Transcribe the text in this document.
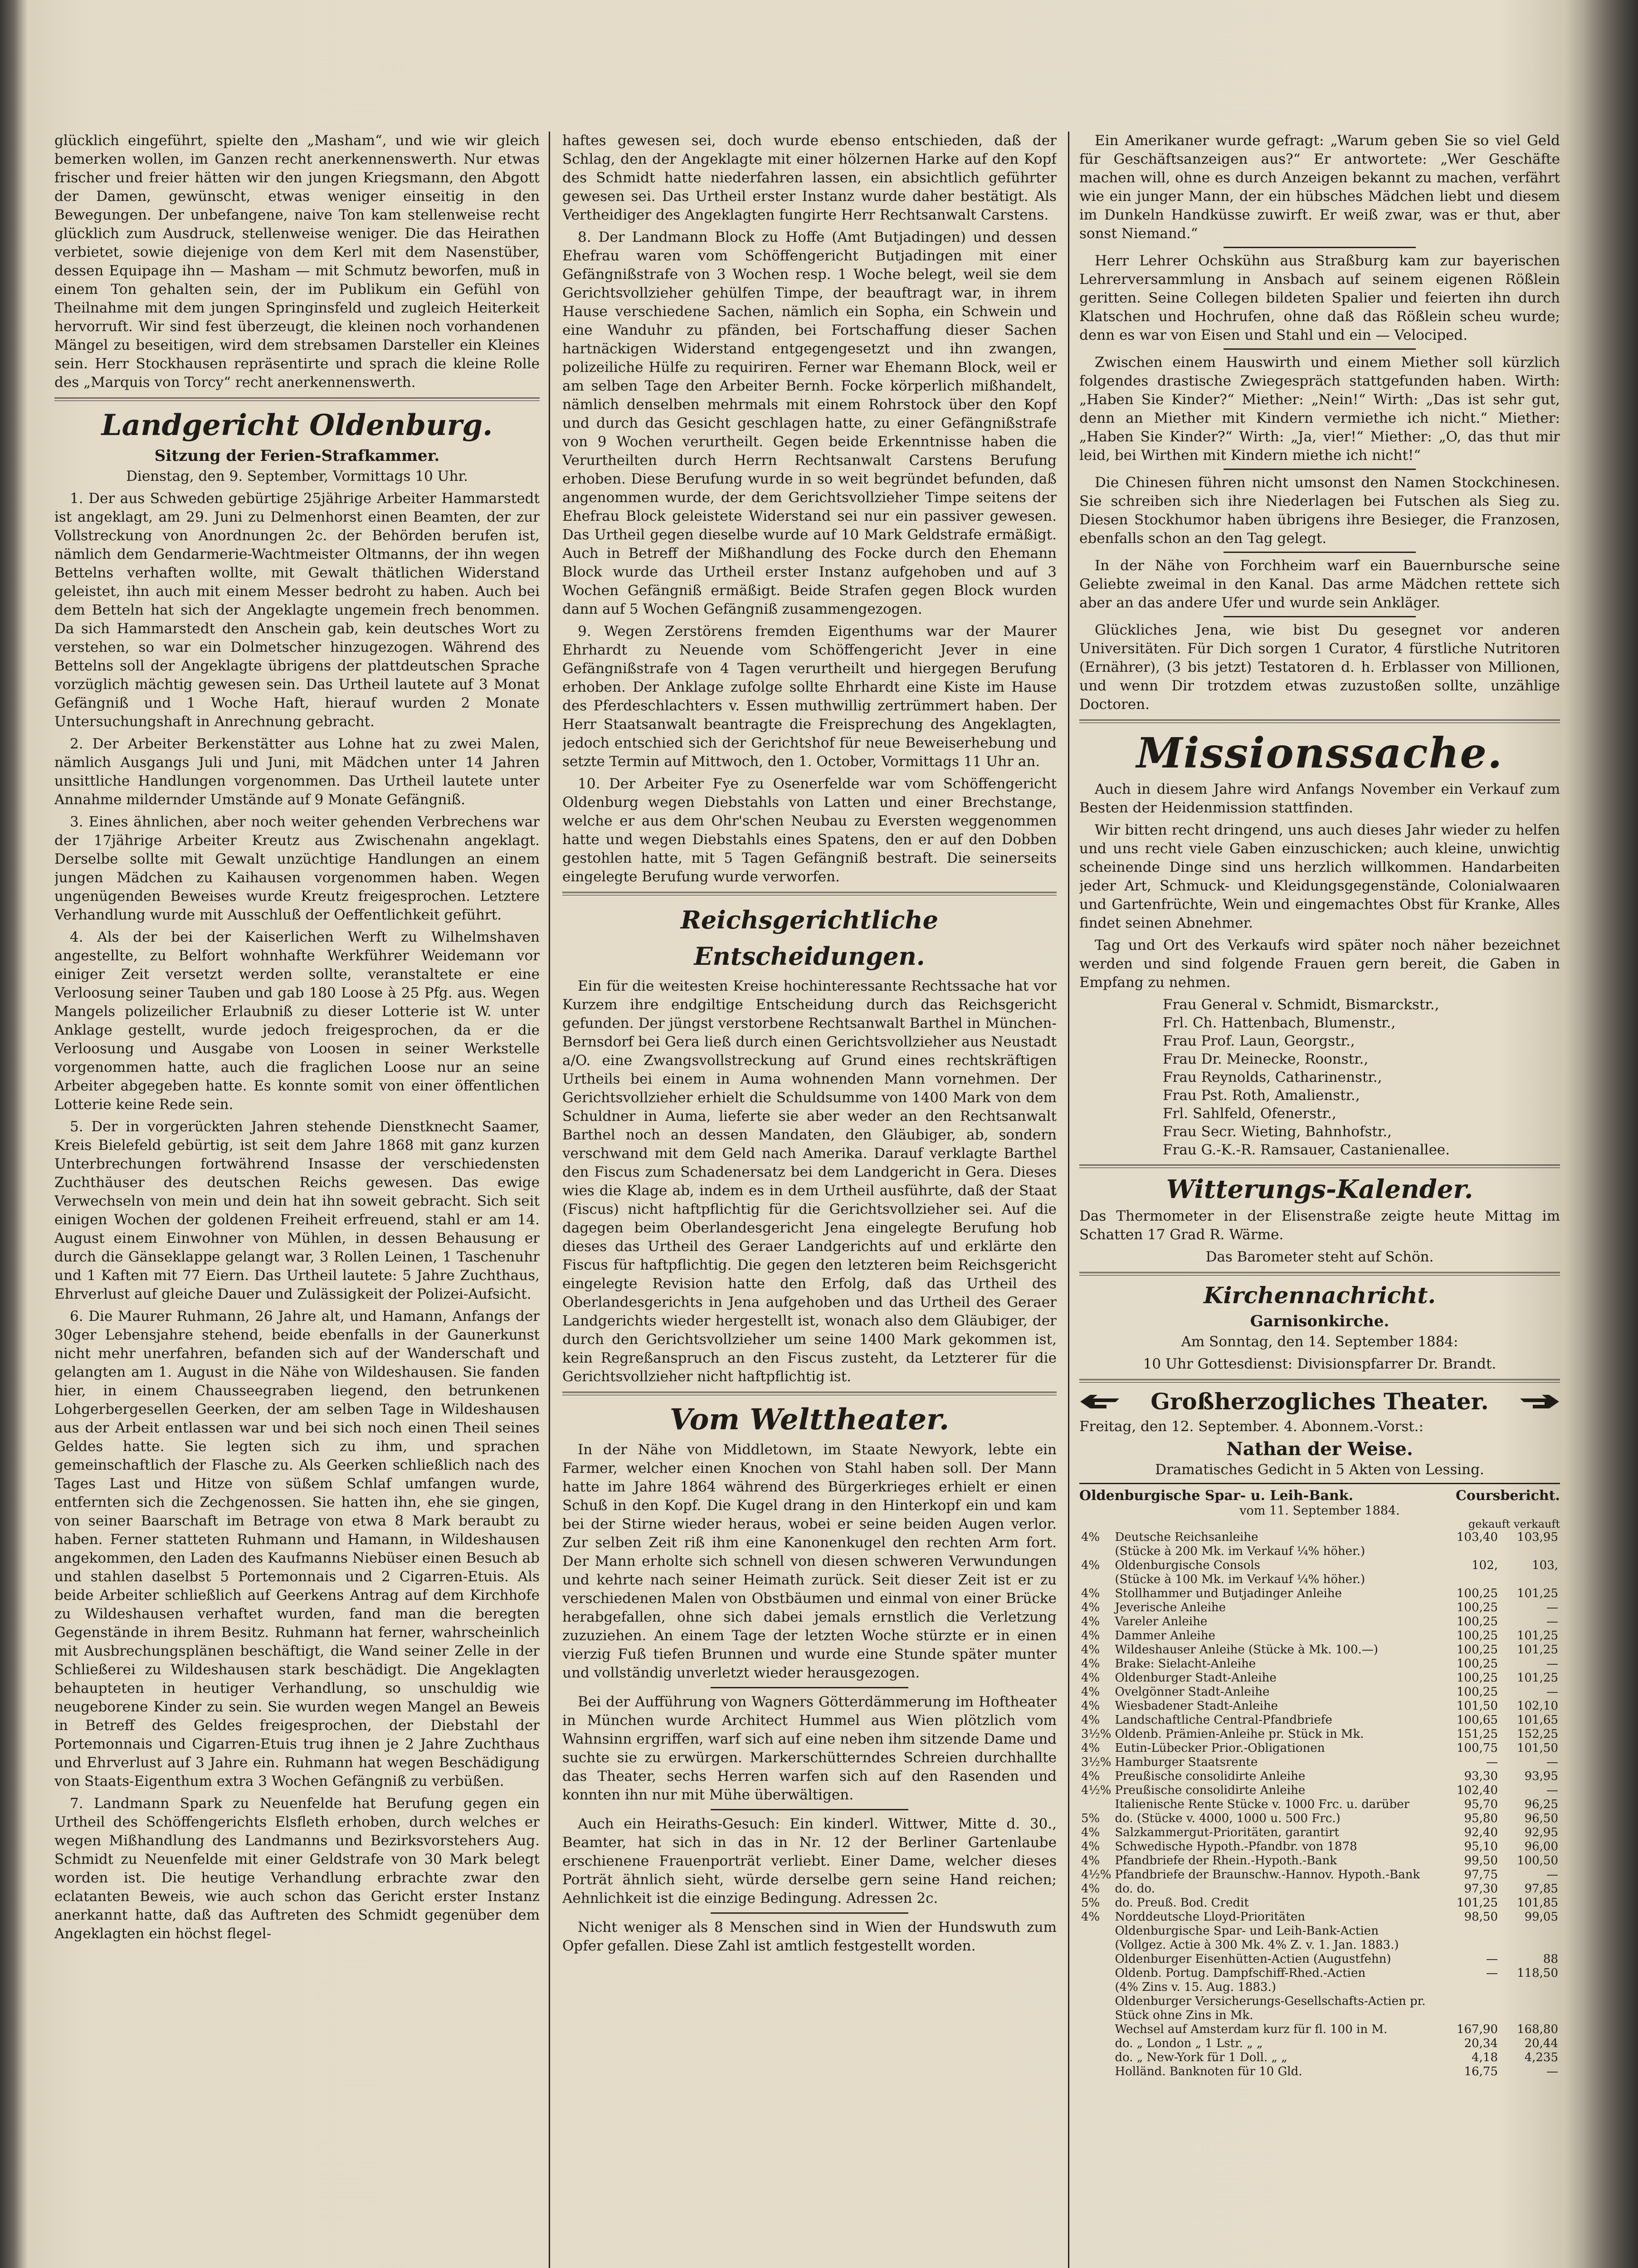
glücklich eingeführt, spielte den „Masham“, und wie wir gleich bemerken wollen, im Ganzen recht anerkennenswerth. Nur etwas frischer und freier hätten wir den jungen Kriegsmann, den Abgott der Damen, gewünscht, etwas weniger einseitig in den Bewegungen. Der unbefangene, naive Ton kam stellenweise recht glücklich zum Ausdruck, stellenweise weniger. Die das Heirathen verbietet, sowie diejenige von dem Kerl mit dem Nasenstüber, dessen Equipage ihn — Masham — mit Schmutz beworfen, muß in einem Ton gehalten sein, der im Publikum ein Gefühl von Theilnahme mit dem jungen Springinsfeld und zugleich Heiterkeit hervorruft. Wir sind fest überzeugt, die kleinen noch vorhandenen Mängel zu beseitigen, wird dem strebsamen Darsteller ein Kleines sein. Herr Stockhausen repräsentirte und sprach die kleine Rolle des „Marquis von Torcy“ recht anerkennenswerth.

Landgericht Oldenburg.
Sitzung der Ferien-Strafkammer.

Dienstag, den 9. September, Vormittags 10 Uhr.

1. Der aus Schweden gebürtige 25jährige Arbeiter Hammarstedt ist angeklagt, am 29. Juni zu Delmenhorst einen Beamten, der zur Vollstreckung von Anordnungen 2c. der Behörden berufen ist, nämlich dem Gendarmerie-Wachtmeister Oltmanns, der ihn wegen Bettelns verhaften wollte, mit Gewalt thätlichen Widerstand geleistet, ihn auch mit einem Messer bedroht zu haben. Auch bei dem Betteln hat sich der Angeklagte ungemein frech benommen. Da sich Hammarstedt den Anschein gab, kein deutsches Wort zu verstehen, so war ein Dolmetscher hinzugezogen. Während des Bettelns soll der Angeklagte übrigens der plattdeutschen Sprache vorzüglich mächtig gewesen sein. Das Urtheil lautete auf 3 Monat Gefängniß und 1 Woche Haft, hierauf wurden 2 Monate Untersuchungshaft in Anrechnung gebracht.

2. Der Arbeiter Berkenstätter aus Lohne hat zu zwei Malen, nämlich Ausgangs Juli und Juni, mit Mädchen unter 14 Jahren unsittliche Handlungen vorgenommen. Das Urtheil lautete unter Annahme mildernder Umstände auf 9 Monate Gefängniß.

3. Eines ähnlichen, aber noch weiter gehenden Verbrechens war der 17jährige Arbeiter Kreutz aus Zwischenahn angeklagt. Derselbe sollte mit Gewalt unzüchtige Handlungen an einem jungen Mädchen zu Kaihausen vorgenommen haben. Wegen ungenügenden Beweises wurde Kreutz freigesprochen. Letztere Verhandlung wurde mit Ausschluß der Oeffentlichkeit geführt.

4. Als der bei der Kaiserlichen Werft zu Wilhelmshaven angestellte, zu Belfort wohnhafte Werkführer Weidemann vor einiger Zeit versetzt werden sollte, veranstaltete er eine Verloosung seiner Tauben und gab 180 Loose à 25 Pfg. aus. Wegen Mangels polizeilicher Erlaubniß zu dieser Lotterie ist W. unter Anklage gestellt, wurde jedoch freigesprochen, da er die Verloosung und Ausgabe von Loosen in seiner Werkstelle vorgenommen hatte, auch die fraglichen Loose nur an seine Arbeiter abgegeben hatte. Es konnte somit von einer öffentlichen Lotterie keine Rede sein.

5. Der in vorgerückten Jahren stehende Dienstknecht Saamer, Kreis Bielefeld gebürtig, ist seit dem Jahre 1868 mit ganz kurzen Unterbrechungen fortwährend Insasse der verschiedensten Zuchthäuser des deutschen Reichs gewesen. Das ewige Verwechseln von mein und dein hat ihn soweit gebracht. Sich seit einigen Wochen der goldenen Freiheit erfreuend, stahl er am 14. August einem Einwohner von Mühlen, in dessen Behausung er durch die Gänseklappe gelangt war, 3 Rollen Leinen, 1 Taschenuhr und 1 Kaften mit 77 Eiern. Das Urtheil lautete: 5 Jahre Zuchthaus, Ehrverlust auf gleiche Dauer und Zulässigkeit der Polizei-Aufsicht.

6. Die Maurer Ruhmann, 26 Jahre alt, und Hamann, Anfangs der 30ger Lebensjahre stehend, beide ebenfalls in der Gaunerkunst nicht mehr unerfahren, befanden sich auf der Wanderschaft und gelangten am 1. August in die Nähe von Wildeshausen. Sie fanden hier, in einem Chausseegraben liegend, den betrunkenen Lohgerbergesellen Geerken, der am selben Tage in Wildeshausen aus der Arbeit entlassen war und bei sich noch einen Theil seines Geldes hatte. Sie legten sich zu ihm, und sprachen gemeinschaftlich der Flasche zu. Als Geerken schließlich nach des Tages Last und Hitze von süßem Schlaf umfangen wurde, entfernten sich die Zechgenossen. Sie hatten ihn, ehe sie gingen, von seiner Baarschaft im Betrage von etwa 8 Mark beraubt zu haben. Ferner statteten Ruhmann und Hamann, in Wildeshausen angekommen, den Laden des Kaufmanns Niebüser einen Besuch ab und stahlen daselbst 5 Portemonnais und 2 Cigarren-Etuis. Als beide Arbeiter schließlich auf Geerkens Antrag auf dem Kirchhofe zu Wildeshausen verhaftet wurden, fand man die beregten Gegenstände in ihrem Besitz. Ruhmann hat ferner, wahrscheinlich mit Ausbrechungsplänen beschäftigt, die Wand seiner Zelle in der Schließerei zu Wildeshausen stark beschädigt. Die Angeklagten behaupteten in heutiger Verhandlung, so unschuldig wie neugeborene Kinder zu sein. Sie wurden wegen Mangel an Beweis in Betreff des Geldes freigesprochen, der Diebstahl der Portemonnais und Cigarren-Etuis trug ihnen je 2 Jahre Zuchthaus und Ehrverlust auf 3 Jahre ein. Ruhmann hat wegen Beschädigung von Staats-Eigenthum extra 3 Wochen Gefängniß zu verbüßen.

7. Landmann Spark zu Neuenfelde hat Berufung gegen ein Urtheil des Schöffengerichts Elsfleth erhoben, durch welches er wegen Mißhandlung des Landmanns und Bezirksvorstehers Aug. Schmidt zu Neuenfelde mit einer Geldstrafe von 30 Mark belegt worden ist. Die heutige Verhandlung erbrachte zwar den eclatanten Beweis, wie auch schon das Gericht erster Instanz anerkannt hatte, daß das Auftreten des Schmidt gegenüber dem Angeklagten ein höchst flegel-

haftes gewesen sei, doch wurde ebenso entschieden, daß der Schlag, den der Angeklagte mit einer hölzernen Harke auf den Kopf des Schmidt hatte niederfahren lassen, ein absichtlich geführter gewesen sei. Das Urtheil erster Instanz wurde daher bestätigt. Als Vertheidiger des Angeklagten fungirte Herr Rechtsanwalt Carstens.

8. Der Landmann Block zu Hoffe (Amt Butjadingen) und dessen Ehefrau waren vom Schöffengericht Butjadingen mit einer Gefängnißstrafe von 3 Wochen resp. 1 Woche belegt, weil sie dem Gerichtsvollzieher gehülfen Timpe, der beauftragt war, in ihrem Hause verschiedene Sachen, nämlich ein Sopha, ein Schwein und eine Wanduhr zu pfänden, bei Fortschaffung dieser Sachen hartnäckigen Widerstand entgegengesetzt und ihn zwangen, polizeiliche Hülfe zu requiriren. Ferner war Ehemann Block, weil er am selben Tage den Arbeiter Bernh. Focke körperlich mißhandelt, nämlich denselben mehrmals mit einem Rohrstock über den Kopf und durch das Gesicht geschlagen hatte, zu einer Gefängnißstrafe von 9 Wochen verurtheilt. Gegen beide Erkenntnisse haben die Verurtheilten durch Herrn Rechtsanwalt Carstens Berufung erhoben. Diese Berufung wurde in so weit begründet befunden, daß angenommen wurde, der dem Gerichtsvollzieher Timpe seitens der Ehefrau Block geleistete Widerstand sei nur ein passiver gewesen. Das Urtheil gegen dieselbe wurde auf 10 Mark Geldstrafe ermäßigt. Auch in Betreff der Mißhandlung des Focke durch den Ehemann Block wurde das Urtheil erster Instanz aufgehoben und auf 3 Wochen Gefängniß ermäßigt. Beide Strafen gegen Block wurden dann auf 5 Wochen Gefängniß zusammengezogen.

9. Wegen Zerstörens fremden Eigenthums war der Maurer Ehrhardt zu Neuende vom Schöffengericht Jever in eine Gefängnißstrafe von 4 Tagen verurtheilt und hiergegen Berufung erhoben. Der Anklage zufolge sollte Ehrhardt eine Kiste im Hause des Pferdeschlachters v. Essen muthwillig zertrümmert haben. Der Herr Staatsanwalt beantragte die Freisprechung des Angeklagten, jedoch entschied sich der Gerichtshof für neue Beweiserhebung und setzte Termin auf Mittwoch, den 1. October, Vormittags 11 Uhr an.

10. Der Arbeiter Fye zu Osenerfelde war vom Schöffengericht Oldenburg wegen Diebstahls von Latten und einer Brechstange, welche er aus dem Ohr'schen Neubau zu Eversten weggenommen hatte und wegen Diebstahls eines Spatens, den er auf den Dobben gestohlen hatte, mit 5 Tagen Gefängniß bestraft. Die seinerseits eingelegte Berufung wurde verworfen.

Reichsgerichtliche Entscheidungen.

Ein für die weitesten Kreise hochinteressante Rechtssache hat vor Kurzem ihre endgiltige Entscheidung durch das Reichsgericht gefunden. Der jüngst verstorbene Rechtsanwalt Barthel in München-Bernsdorf bei Gera ließ durch einen Gerichtsvollzieher aus Neustadt a/O. eine Zwangsvollstreckung auf Grund eines rechtskräftigen Urtheils bei einem in Auma wohnenden Mann vornehmen. Der Gerichtsvollzieher erhielt die Schuldsumme von 1400 Mark von dem Schuldner in Auma, lieferte sie aber weder an den Rechtsanwalt Barthel noch an dessen Mandaten, den Gläubiger, ab, sondern verschwand mit dem Geld nach Amerika. Darauf verklagte Barthel den Fiscus zum Schadenersatz bei dem Landgericht in Gera. Dieses wies die Klage ab, indem es in dem Urtheil ausführte, daß der Staat (Fiscus) nicht haftpflichtig für die Gerichtsvollzieher sei. Auf die dagegen beim Oberlandesgericht Jena eingelegte Berufung hob dieses das Urtheil des Geraer Landgerichts auf und erklärte den Fiscus für haftpflichtig. Die gegen den letzteren beim Reichsgericht eingelegte Revision hatte den Erfolg, daß das Urtheil des Oberlandesgerichts in Jena aufgehoben und das Urtheil des Geraer Landgerichts wieder hergestellt ist, wonach also dem Gläubiger, der durch den Gerichtsvollzieher um seine 1400 Mark gekommen ist, kein Regreßanspruch an den Fiscus zusteht, da Letzterer für die Gerichtsvollzieher nicht haftpflichtig ist.

Vom Welttheater.

In der Nähe von Middletown, im Staate Newyork, lebte ein Farmer, welcher einen Knochen von Stahl haben soll. Der Mann hatte im Jahre 1864 während des Bürgerkrieges erhielt er einen Schuß in den Kopf. Die Kugel drang in den Hinterkopf ein und kam bei der Stirne wieder heraus, wobei er seine beiden Augen verlor. Zur selben Zeit riß ihm eine Kanonenkugel den rechten Arm fort. Der Mann erholte sich schnell von diesen schweren Verwundungen und kehrte nach seiner Heimath zurück. Seit dieser Zeit ist er zu verschiedenen Malen von Obstbäumen und einmal von einer Brücke herabgefallen, ohne sich dabei jemals ernstlich die Verletzung zuzuziehen. An einem Tage der letzten Woche stürzte er in einen vierzig Fuß tiefen Brunnen und wurde eine Stunde später munter und vollständig unverletzt wieder herausgezogen.

Bei der Aufführung von Wagners Götterdämmerung im Hoftheater in München wurde Architect Hummel aus Wien plötzlich vom Wahnsinn ergriffen, warf sich auf eine neben ihm sitzende Dame und suchte sie zu erwürgen. Markerschütterndes Schreien durchhallte das Theater, sechs Herren warfen sich auf den Rasenden und konnten ihn nur mit Mühe überwältigen.

Auch ein Heiraths-Gesuch: Ein kinderl. Wittwer, Mitte d. 30., Beamter, hat sich in das in Nr. 12 der Berliner Gartenlaube erschienene Frauenporträt verliebt. Einer Dame, welcher dieses Porträt ähnlich sieht, würde derselbe gern seine Hand reichen; Aehnlichkeit ist die einzige Bedingung. Adressen 2c.

Nicht weniger als 8 Menschen sind in Wien der Hundswuth zum Opfer gefallen. Diese Zahl ist amtlich festgestellt worden.

Ein Amerikaner wurde gefragt: „Warum geben Sie so viel Geld für Geschäftsanzeigen aus?“ Er antwortete: „Wer Geschäfte machen will, ohne es durch Anzeigen bekannt zu machen, verfährt wie ein junger Mann, der ein hübsches Mädchen liebt und diesem im Dunkeln Handküsse zuwirft. Er weiß zwar, was er thut, aber sonst Niemand.“

Herr Lehrer Ochskühn aus Straßburg kam zur bayerischen Lehrerversammlung in Ansbach auf seinem eigenen Rößlein geritten. Seine Collegen bildeten Spalier und feierten ihn durch Klatschen und Hochrufen, ohne daß das Rößlein scheu wurde; denn es war von Eisen und Stahl und ein — Velociped.

Zwischen einem Hauswirth und einem Miether soll kürzlich folgendes drastische Zwiegespräch stattgefunden haben. Wirth: „Haben Sie Kinder?“ Miether: „Nein!“ Wirth: „Das ist sehr gut, denn an Miether mit Kindern vermiethe ich nicht.“ Miether: „Haben Sie Kinder?“ Wirth: „Ja, vier!“ Miether: „O, das thut mir leid, bei Wirthen mit Kindern miethe ich nicht!“

Die Chinesen führen nicht umsonst den Namen Stockchinesen. Sie schreiben sich ihre Niederlagen bei Futschen als Sieg zu. Diesen Stockhumor haben übrigens ihre Besieger, die Franzosen, ebenfalls schon an den Tag gelegt.

In der Nähe von Forchheim warf ein Bauernbursche seine Geliebte zweimal in den Kanal. Das arme Mädchen rettete sich aber an das andere Ufer und wurde sein Ankläger.

Glückliches Jena, wie bist Du gesegnet vor anderen Universitäten. Für Dich sorgen 1 Curator, 4 fürstliche Nutritoren (Ernährer), (3 bis jetzt) Testatoren d. h. Erblasser von Millionen, und wenn Dir trotzdem etwas zuzustoßen sollte, unzählige Doctoren.

Missionssache.

Auch in diesem Jahre wird Anfangs November ein Verkauf zum Besten der Heidenmission stattfinden.

Wir bitten recht dringend, uns auch dieses Jahr wieder zu helfen und uns recht viele Gaben einzuschicken; auch kleine, unwichtig scheinende Dinge sind uns herzlich willkommen. Handarbeiten jeder Art, Schmuck- und Kleidungsgegenstände, Colonialwaaren und Gartenfrüchte, Wein und eingemachtes Obst für Kranke, Alles findet seinen Abnehmer.

Tag und Ort des Verkaufs wird später noch näher bezeichnet werden und sind folgende Frauen gern bereit, die Gaben in Empfang zu nehmen.

Frau General v. Schmidt, Bismarckstr.,

Frl. Ch. Hattenbach, Blumenstr.,

Frau Prof. Laun, Georgstr.,

Frau Dr. Meinecke, Roonstr.,

Frau Reynolds, Catharinenstr.,

Frau Pst. Roth, Amalienstr.,

Frl. Sahlfeld, Ofenerstr.,

Frau Secr. Wieting, Bahnhofstr.,

Frau G.-K.-R. Ramsauer, Castanienallee.

Witterungs-Kalender.

Das Thermometer in der Elisenstraße zeigte heute Mittag im Schatten 17 Grad R. Wärme.

Das Barometer steht auf Schön.

Kirchennachricht.
Garnisonkirche.

Am Sonntag, den 14. September 1884:

10 Uhr Gottesdienst: Divisionspfarrer Dr. Brandt.

Großherzogliches Theater.

Freitag, den 12. September. 4. Abonnem.-Vorst.:

Nathan der Weise.

Dramatisches Gedicht in 5 Akten von Lessing.

Oldenburgische Spar- u. Leih-Bank.	Coursbericht.
vom 11. September 1884.
gekauft verkauft
4%	Deutsche Reichsanleihe	103,40	103,95
	(Stücke à 200 Mk. im Verkauf ¼% höher.)		
4%	Oldenburgische Consols	102,	103,
	(Stücke à 100 Mk. im Verkauf ¼% höher.)		
4%	Stollhammer und Butjadinger Anleihe	100,25	101,25
4%	Jeverische Anleihe	100,25	—
4%	Vareler Anleihe	100,25	—
4%	Dammer Anleihe	100,25	101,25
4%	Wildeshauser Anleihe (Stücke à Mk. 100.—)	100,25	101,25
4%	Brake: Sielacht-Anleihe	100,25	—
4%	Oldenburger Stadt-Anleihe	100,25	101,25
4%	Ovelgönner Stadt-Anleihe	100,25	—
4%	Wiesbadener Stadt-Anleihe	101,50	102,10
4%	Landschaftliche Central-Pfandbriefe	100,65	101,65
3½%	Oldenb. Prämien-Anleihe pr. Stück in Mk.	151,25	152,25
4%	Eutin-Lübecker Prior.-Obligationen	100,75	101,50
3½%	Hamburger Staatsrente	—	—
4%	Preußische consolidirte Anleihe	93,30	93,95
4½%	Preußische consolidirte Anleihe	102,40	—
	Italienische Rente Stücke v. 1000 Frc. u. darüber	95,70	96,25
5%	do. (Stücke v. 4000, 1000 u. 500 Frc.)	95,80	96,50
4%	Salzkammergut-Prioritäten, garantirt	92,40	92,95
4%	Schwedische Hypoth.-Pfandbr. von 1878	95,10	96,00
4%	Pfandbriefe der Rhein.-Hypoth.-Bank	99,50	100,50
4½%	Pfandbriefe der Braunschw.-Hannov. Hypoth.-Bank	97,75	—
4%	do. do.	97,30	97,85
5%	do. Preuß. Bod. Credit	101,25	101,85
4%	Norddeutsche Lloyd-Prioritäten	98,50	99,05
	Oldenburgische Spar- und Leih-Bank-Actien		
	(Vollgez. Actie à 300 Mk. 4% Z. v. 1. Jan. 1883.)		
	Oldenburger Eisenhütten-Actien (Augustfehn)	—	88
	Oldenb. Portug. Dampfschiff-Rhed.-Actien	—	118,50
	(4% Zins v. 15. Aug. 1883.)		
	Oldenburger Versicherungs-Gesellschafts-Actien pr. Stück ohne Zins in Mk.		
	Wechsel auf Amsterdam kurz für fl. 100 in M.	167,90	168,80
	do. „ London „ 1 Lstr. „ „	20,34	20,44
	do. „ New-York für 1 Doll. „ „	4,18	4,235
	Holländ. Banknoten für 10 Gld.	16,75	—
